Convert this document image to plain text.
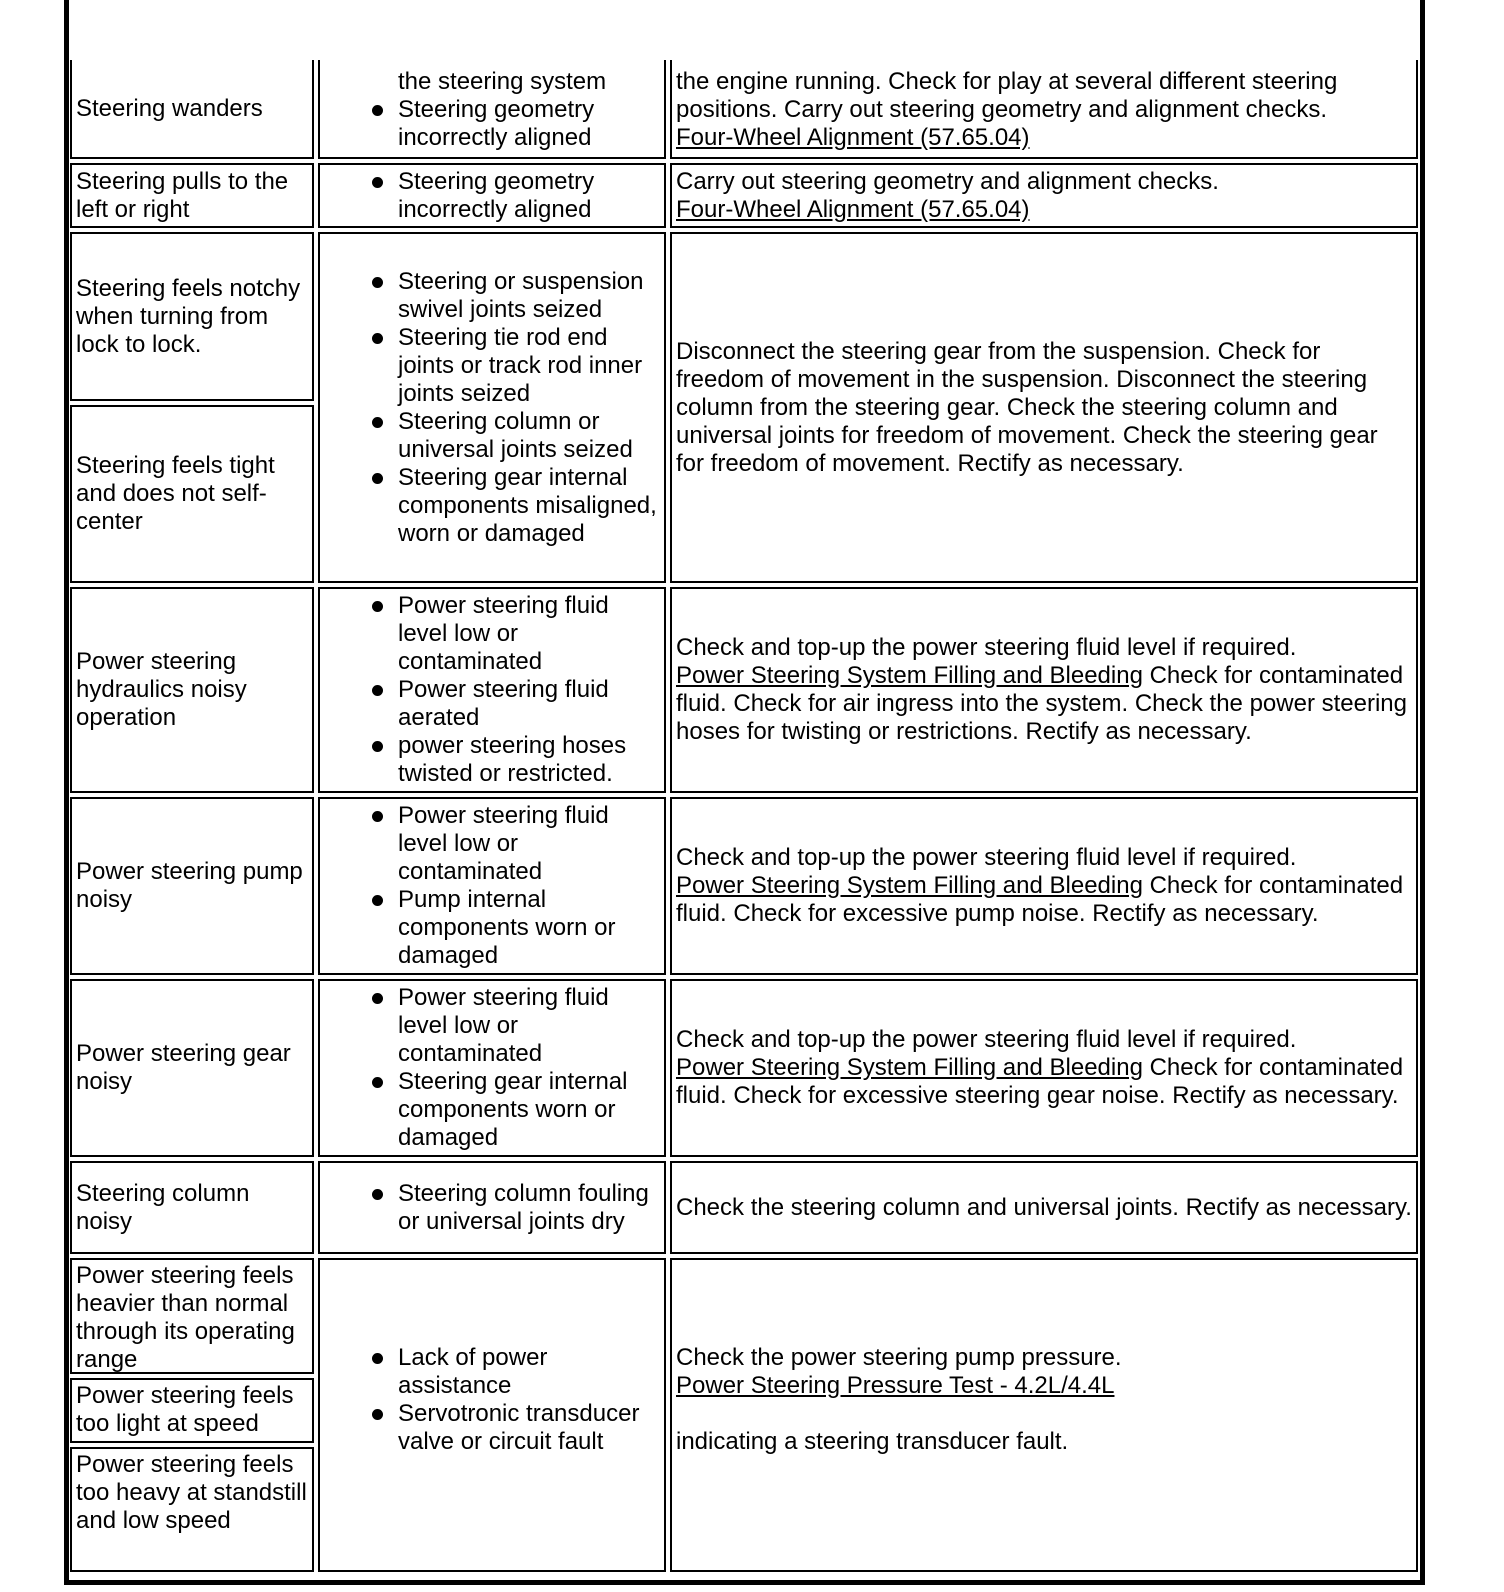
Steering wanders
the steering system
Steering geometry incorrectly aligned
the engine running. Check for play at several different steering positions. Carry out steering geometry and alignment checks.
Four-Wheel Alignment (57.65.04)
Steering pulls to the left or right
Steering geometry incorrectly aligned
Carry out steering geometry and alignment checks.
Four-Wheel Alignment (57.65.04)
Steering feels notchy when turning from lock to lock.
Steering feels tight and does not self-center
Steering or suspension swivel joints seized
Steering tie rod end joints or track rod inner joints seized
Steering column or universal joints seized
Steering gear internal components misaligned, worn or damaged
Disconnect the steering gear from the suspension. Check for freedom of movement in the suspension. Disconnect the steering column from the steering gear. Check the steering column and universal joints for freedom of movement. Check the steering gear for freedom of movement. Rectify as necessary.
Power steering hydraulics noisy operation
Power steering fluid level low or contaminated
Power steering fluid aerated
power steering hoses twisted or restricted.

Check and top-up the power steering fluid level if required.
Power Steering System Filling and Bleeding Check for contaminated fluid. Check for air ingress into the system. Check the power steering hoses for twisting or restrictions. Rectify as necessary.

Power steering pump noisy
Power steering fluid level low or contaminated
Pump internal components worn or damaged

Check and top-up the power steering fluid level if required.
Power Steering System Filling and Bleeding Check for contaminated fluid. Check for excessive pump noise. Rectify as necessary.

Power steering gear noisy
Power steering fluid level low or contaminated
Steering gear internal components worn or damaged

Check and top-up the power steering fluid level if required.
Power Steering System Filling and Bleeding Check for contaminated fluid. Check for excessive steering gear noise. Rectify as necessary.

Steering column noisy
Steering column fouling or universal joints dry
Check the steering column and universal joints. Rectify as necessary.
Power steering feels heavier than normal through its operating range
Power steering feels too light at speed
Power steering feels too heavy at standstill and low speed
Lack of power assistance
Servotronic transducer valve or circuit fault
Check the power steering pump pressure.
Power Steering Pressure Test - 4.2L/4.4L

indicating a steering transducer fault.
